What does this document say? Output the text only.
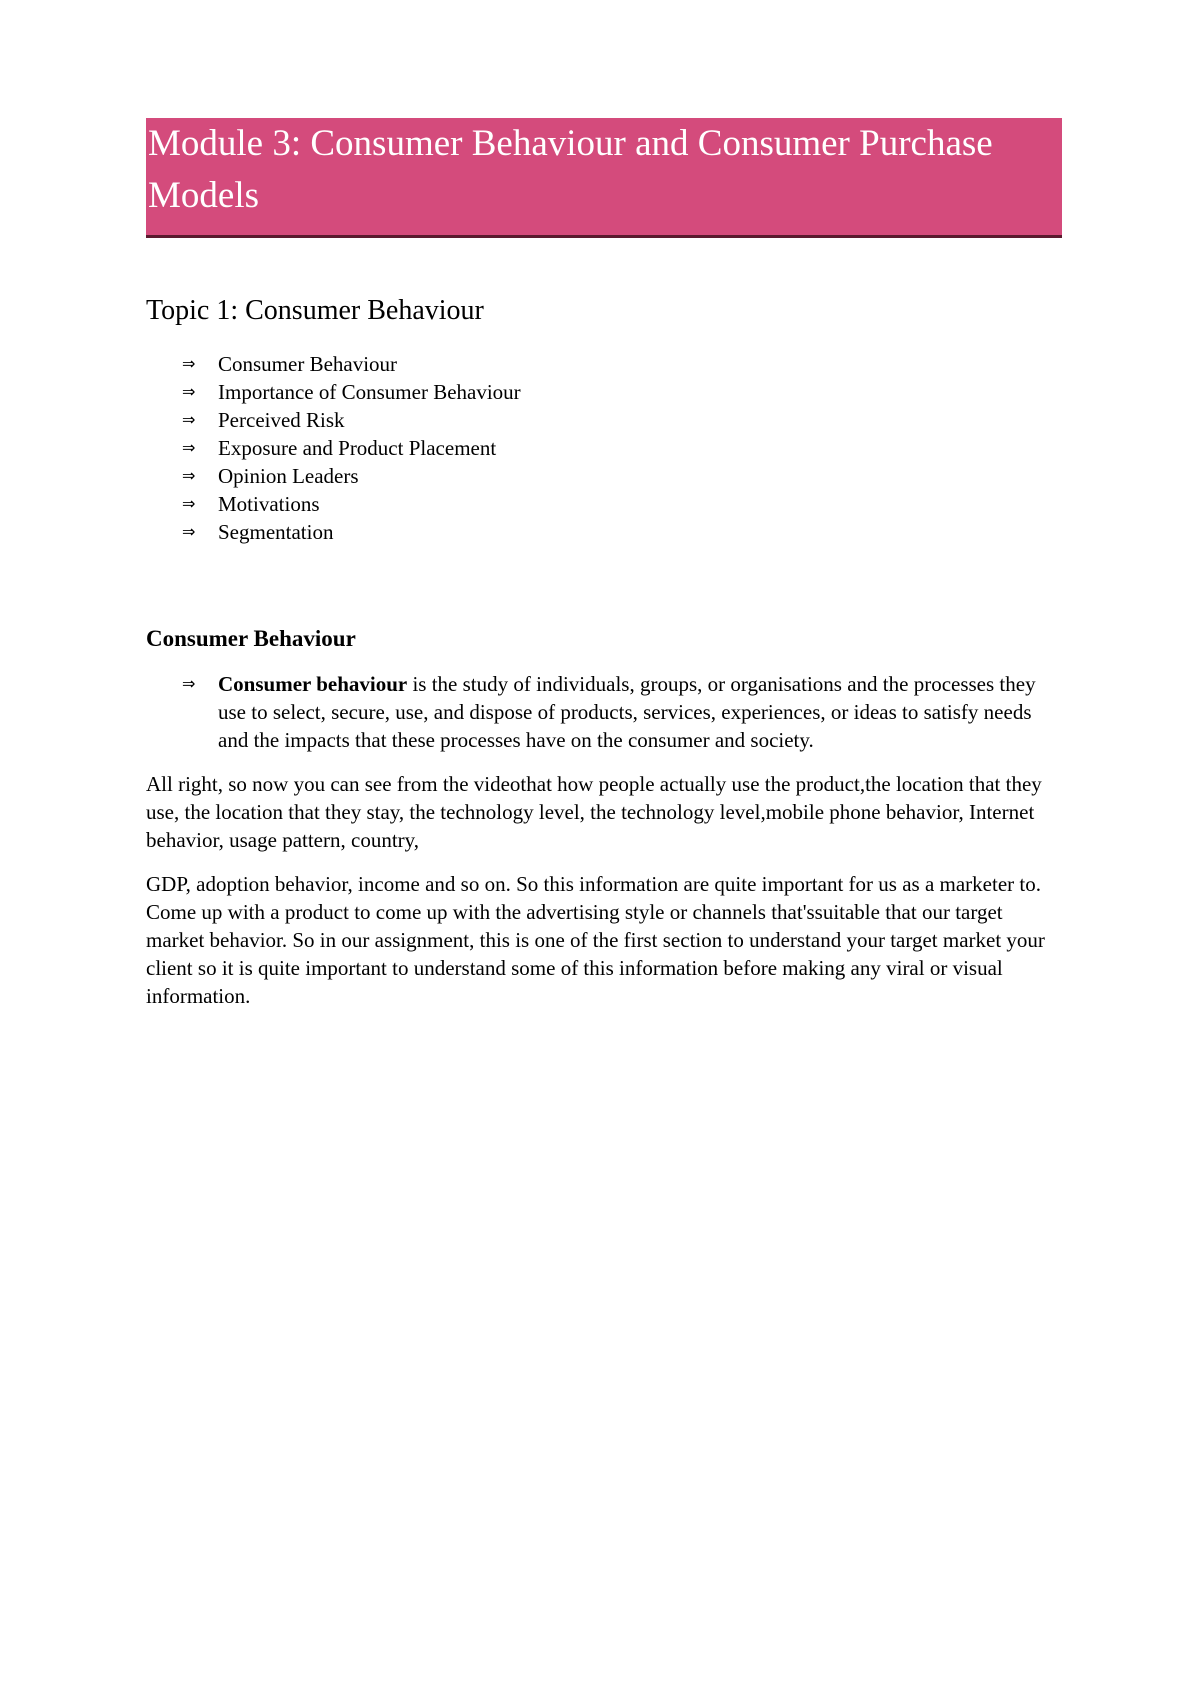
Module 3: Consumer Behaviour and Consumer Purchase Models
Topic 1: Consumer Behaviour
⇒ Consumer Behaviour
⇒ Importance of Consumer Behaviour
⇒ Perceived Risk
⇒ Exposure and Product Placement
⇒ Opinion Leaders
⇒ Motivations
⇒ Segmentation
Consumer Behaviour
⇒ Consumer behaviour is the study of individuals, groups, or organisations and the processes they use to select, secure, use, and dispose of products, services, experiences, or ideas to satisfy needs and the impacts that these processes have on the consumer and society.

All right, so now you can see from the videothat how people actually use the product,the location that they use, the location that they stay, the technology level, the technology level,mobile phone behavior, Internet behavior, usage pattern, country,

GDP, adoption behavior, income and so on. So this information are quite important for us as a marketer to. Come up with a product to come up with the advertising style or channels that'ssuitable that our target market behavior. So in our assignment, this is one of the first section to understand your target market your client so it is quite important to understand some of this information before making any viral or visual information.
